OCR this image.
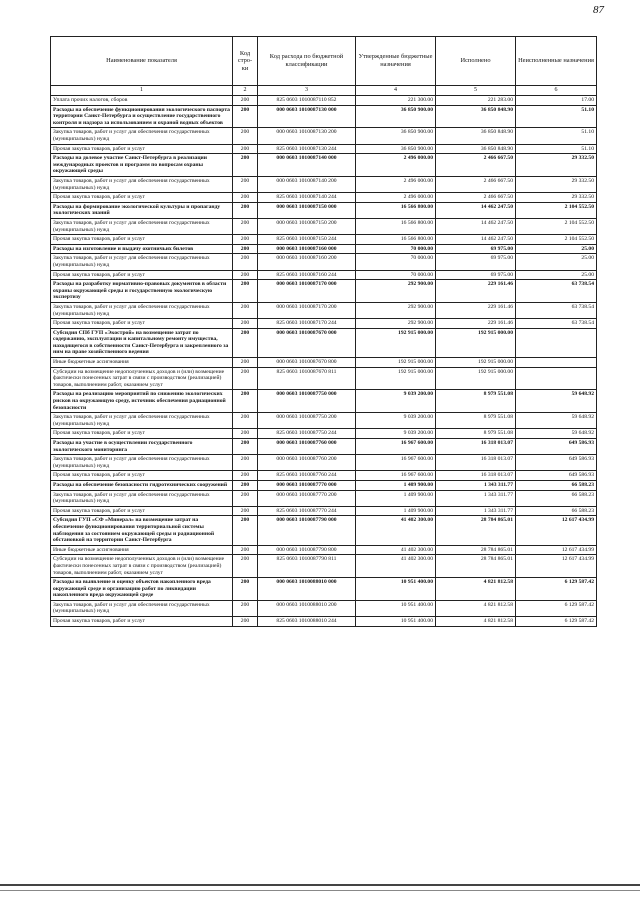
87
Наименование показателя	Код стро- ки	Код расхода по бюджетной классификации	Утвержденные бюджетные назначения	Исполнено	Неисполненные назначения
1	2	3	4	5	6
Уплата прочих налогов, сборов	200	825 0603 1010087110 852	221 300.00	221 283.00	17.00
Расходы на обеспечение функционирования экологического паспорта территории Санкт-Петербурга и осуществление государственного контроля и надзора за использованием и охраной водных объектов	200	000 0603 1010087130 000	36 850 900.00	36 850 848.90	51.10
Закупка товаров, работ и услуг для обеспечения государственных (муниципальных) нужд	200	000 0603 1010087130 200	36 850 900.00	36 850 848.90	51.10
Прочая закупка товаров, работ и услуг	200	825 0603 1010087130 244	36 850 900.00	36 850 848.90	51.10
Расходы на долевое участие Санкт-Петербурга в реализации международных проектов и программ по вопросам охраны окружающей среды	200	000 0603 1010087140 000	2 496 000.00	2 466 667.50	29 332.50
Закупка товаров, работ и услуг для обеспечения государственных (муниципальных) нужд	200	000 0603 1010087140 200	2 496 000.00	2 466 667.50	29 332.50
Прочая закупка товаров, работ и услуг	200	825 0603 1010087140 244	2 496 000.00	2 466 667.50	29 332.50
Расходы на формирование экологической культуры и пропаганду экологических знаний	200	000 0603 1010087150 000	16 566 800.00	14 462 247.50	2 104 552.50
Закупка товаров, работ и услуг для обеспечения государственных (муниципальных) нужд	200	000 0603 1010087150 200	16 566 800.00	14 462 247.50	2 104 552.50
Прочая закупка товаров, работ и услуг	200	825 0603 1010087150 244	16 566 800.00	14 462 247.50	2 104 552.50
Расходы на изготовление и выдачу охотничьих билетов	200	000 0603 1010087160 000	70 000.00	69 975.00	25.00
Закупка товаров, работ и услуг для обеспечения государственных (муниципальных) нужд	200	000 0603 1010087160 200	70 000.00	69 975.00	25.00
Прочая закупка товаров, работ и услуг	200	825 0603 1010087160 244	70 000.00	69 975.00	25.00
Расходы на разработку нормативно-правовых документов в области охраны окружающей среды и государственную экологическую экспертизу	200	000 0603 1010087170 000	292 900.00	229 161.46	63 738.54
Закупка товаров, работ и услуг для обеспечения государственных (муниципальных) нужд	200	000 0603 1010087170 200	292 900.00	229 161.46	63 738.54
Прочая закупка товаров, работ и услуг	200	825 0603 1010087170 244	292 900.00	229 161.46	63 738.54
Субсидия СПб ГУП «Экострой» на возмещение затрат по содержанию, эксплуатации и капитальному ремонту имущества, находящегося в собственности Санкт-Петербурга и закрепленного за ним на праве хозяйственного ведения	200	000 0603 1010087670 000	192 915 000.00	192 915 000.00	
Иные бюджетные ассигнования	200	000 0603 1010087670 800	192 915 000.00	192 915 000.00	
Субсидии на возмещение недополученных доходов и (или) возмещение фактически понесенных затрат в связи с производством (реализацией) товаров, выполнением работ, оказанием услуг	200	825 0603 1010087670 811	192 915 000.00	192 915 000.00	
Расходы на реализацию мероприятий по снижению экологических рисков на окружающую среду, источник обеспечения радиационной безопасности	200	000 0603 1010087750 000	9 039 200.00	8 979 551.08	59 648.92
Закупка товаров, работ и услуг для обеспечения государственных (муниципальных) нужд	200	000 0603 1010087750 200	9 039 200.00	8 979 551.08	59 648.92
Прочая закупка товаров, работ и услуг	200	825 0603 1010087750 244	9 039 200.00	8 979 551.08	59 648.92
Расходы на участие в осуществлении государственного экологического мониторинга	200	000 0603 1010087760 000	16 967 600.00	16 318 013.07	649 586.93
Закупка товаров, работ и услуг для обеспечения государственных (муниципальных) нужд	200	000 0603 1010087760 200	16 967 600.00	16 318 013.07	649 586.93
Прочая закупка товаров, работ и услуг	200	825 0603 1010087760 244	16 967 600.00	16 318 013.07	649 586.93
Расходы на обеспечение безопасности гидротехнических сооружений	200	000 0603 1010087770 000	1 409 900.00	1 343 311.77	66 588.23
Закупка товаров, работ и услуг для обеспечения государственных (муниципальных) нужд	200	000 0603 1010087770 200	1 409 900.00	1 343 311.77	66 588.23
Прочая закупка товаров, работ и услуг	200	825 0603 1010087770 244	1 409 900.00	1 343 311.77	66 588.23
Субсидия ГУП «СФ «Минерал» на возмещение затрат на обеспечение функционирования территориальной системы наблюдения за состоянием окружающей среды и радиационной обстановкой на территории Санкт-Петербурга	200	000 0603 1010087790 000	41 402 300.00	28 784 865.01	12 617 434.99
Иные бюджетные ассигнования	200	000 0603 1010087790 800	41 402 300.00	28 784 865.01	12 617 434.99
Субсидии на возмещение недополученных доходов и (или) возмещение фактически понесенных затрат в связи с производством (реализацией) товаров, выполнением работ, оказанием услуг	200	825 0603 1010087790 811	41 402 300.00	28 784 865.01	12 617 434.99
Расходы на выявление и оценку объектов накопленного вреда окружающей среде и организацию работ по ликвидации накопленного вреда окружающей среде	200	000 0603 1010088010 000	10 951 400.00	4 821 812.58	6 129 587.42
Закупка товаров, работ и услуг для обеспечения государственных (муниципальных) нужд	200	000 0603 1010088010 200	10 951 400.00	4 821 812.58	6 129 587.42
Прочая закупка товаров, работ и услуг	200	825 0603 1010088010 244	10 951 400.00	4 821 812.58	6 129 587.42
